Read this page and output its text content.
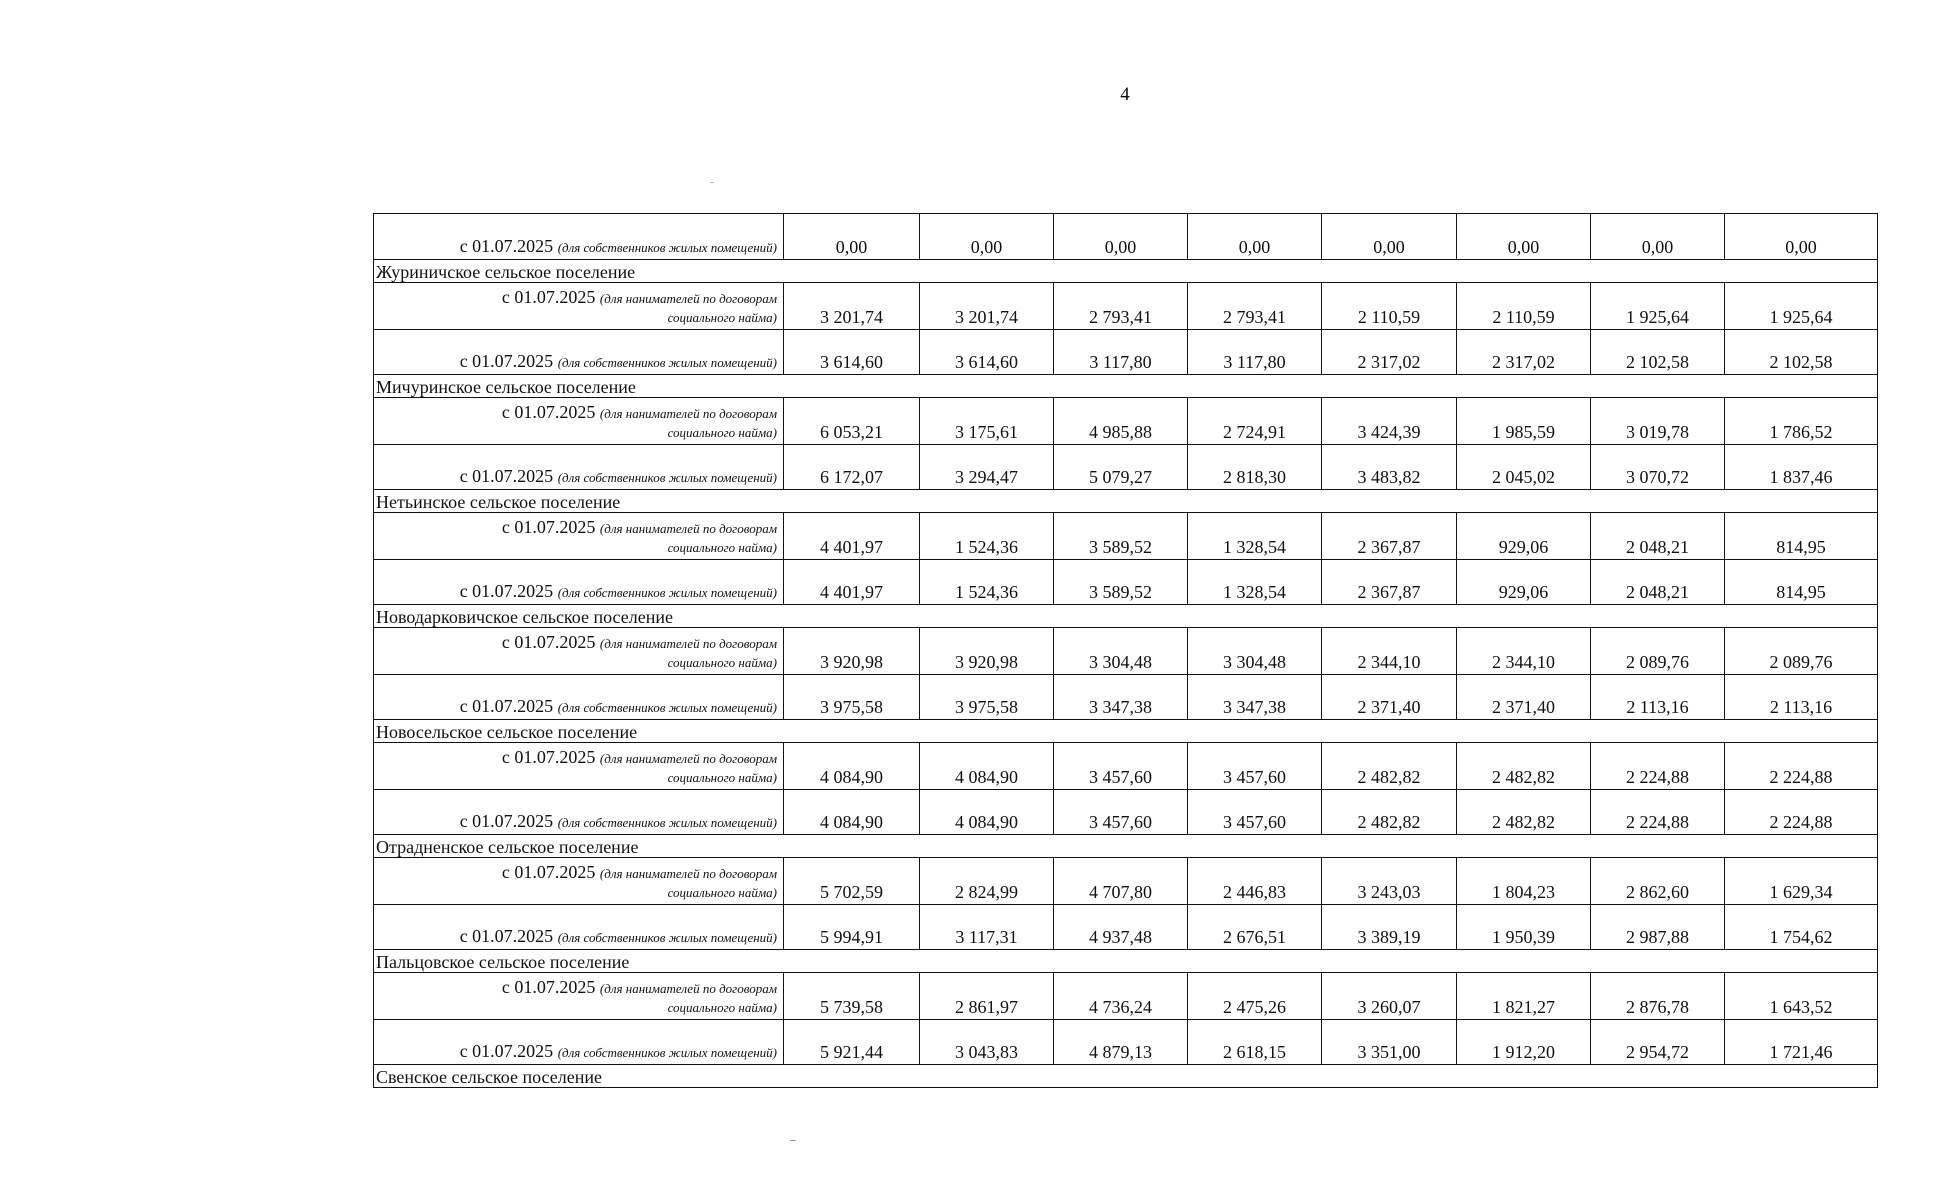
4
с 01.07.2025 (для собственников жилых помещений)	0,00	0,00	0,00	0,00	0,00	0,00	0,00	0,00
Журиничское сельское поселение								

с 01.07.2025 (для нанимателей по договорам
социального найма)	3 201,74	3 201,74	2 793,41	2 793,41	2 110,59	2 110,59	1 925,64	1 925,64
с 01.07.2025 (для собственников жилых помещений)	3 614,60	3 614,60	3 117,80	3 117,80	2 317,02	2 317,02	2 102,58	2 102,58
Мичуринское сельское поселение								

с 01.07.2025 (для нанимателей по договорам
социального найма)	6 053,21	3 175,61	4 985,88	2 724,91	3 424,39	1 985,59	3 019,78	1 786,52
с 01.07.2025 (для собственников жилых помещений)	6 172,07	3 294,47	5 079,27	2 818,30	3 483,82	2 045,02	3 070,72	1 837,46
Нетьинское сельское поселение								

с 01.07.2025 (для нанимателей по договорам
социального найма)	4 401,97	1 524,36	3 589,52	1 328,54	2 367,87	929,06	2 048,21	814,95
с 01.07.2025 (для собственников жилых помещений)	4 401,97	1 524,36	3 589,52	1 328,54	2 367,87	929,06	2 048,21	814,95
Новодарковичское сельское поселение								

с 01.07.2025 (для нанимателей по договорам
социального найма)	3 920,98	3 920,98	3 304,48	3 304,48	2 344,10	2 344,10	2 089,76	2 089,76
с 01.07.2025 (для собственников жилых помещений)	3 975,58	3 975,58	3 347,38	3 347,38	2 371,40	2 371,40	2 113,16	2 113,16
Новосельское сельское поселение								

с 01.07.2025 (для нанимателей по договорам
социального найма)	4 084,90	4 084,90	3 457,60	3 457,60	2 482,82	2 482,82	2 224,88	2 224,88
с 01.07.2025 (для собственников жилых помещений)	4 084,90	4 084,90	3 457,60	3 457,60	2 482,82	2 482,82	2 224,88	2 224,88
Отрадненское сельское поселение								

с 01.07.2025 (для нанимателей по договорам
социального найма)	5 702,59	2 824,99	4 707,80	2 446,83	3 243,03	1 804,23	2 862,60	1 629,34
с 01.07.2025 (для собственников жилых помещений)	5 994,91	3 117,31	4 937,48	2 676,51	3 389,19	1 950,39	2 987,88	1 754,62
Пальцовское сельское поселение								

с 01.07.2025 (для нанимателей по договорам
социального найма)	5 739,58	2 861,97	4 736,24	2 475,26	3 260,07	1 821,27	2 876,78	1 643,52
с 01.07.2025 (для собственников жилых помещений)	5 921,44	3 043,83	4 879,13	2 618,15	3 351,00	1 912,20	2 954,72	1 721,46
Свенское сельское поселение								
